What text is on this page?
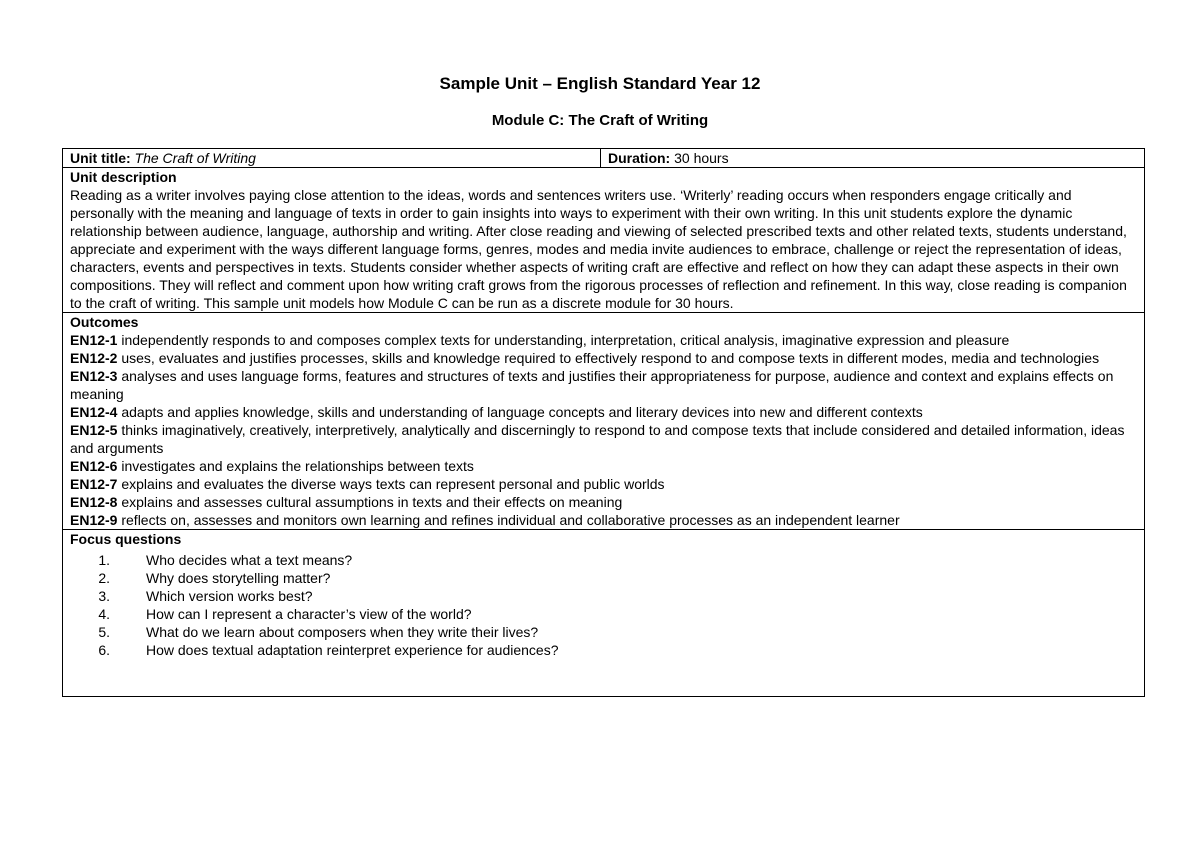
Sample Unit – English Standard Year 12
Module C: The Craft of Writing
Unit title: The Craft of Writing	Duration: 30 hours

Unit description
Reading as a writer involves paying close attention to the ideas, words and sentences writers use. ‘Writerly’ reading occurs when responders engage critically and personally with the meaning and language of texts in order to gain insights into ways to experiment with their own writing. In this unit students explore the dynamic relationship between audience, language, authorship and writing. After close reading and viewing of selected prescribed texts and other related texts, students understand, appreciate and experiment with the ways different language forms, genres, modes and media invite audiences to embrace, challenge or reject the representation of ideas, characters, events and perspectives in texts. Students consider whether aspects of writing craft are effective and reflect on how they can adapt these aspects in their own compositions. They will reflect and comment upon how writing craft grows from the rigorous processes of reflection and refinement. In this way, close reading is companion to the craft of writing. This sample unit models how Module C can be run as a discrete module for 30 hours.

Outcomes
EN12-1 independently responds to and composes complex texts for understanding, interpretation, critical analysis, imaginative expression and pleasure
EN12-2 uses, evaluates and justifies processes, skills and knowledge required to effectively respond to and compose texts in different modes, media and technologies
EN12-3 analyses and uses language forms, features and structures of texts and justifies their appropriateness for purpose, audience and context and explains effects on meaning
EN12-4 adapts and applies knowledge, skills and understanding of language concepts and literary devices into new and different contexts
EN12-5 thinks imaginatively, creatively, interpretively, analytically and discerningly to respond to and compose texts that include considered and detailed information, ideas and arguments
EN12-6 investigates and explains the relationships between texts
EN12-7 explains and evaluates the diverse ways texts can represent personal and public worlds
EN12-8 explains and assesses cultural assumptions in texts and their effects on meaning
EN12-9 reflects on, assesses and monitors own learning and refines individual and collaborative processes as an independent learner

Focus questions
1.	Who decides what a text means?
2.	Why does storytelling matter?
3.	Which version works best?
4.	How can I represent a character’s view of the world?
5.	What do we learn about composers when they write their lives?
6.	How does textual adaptation reinterpret experience for audiences?
